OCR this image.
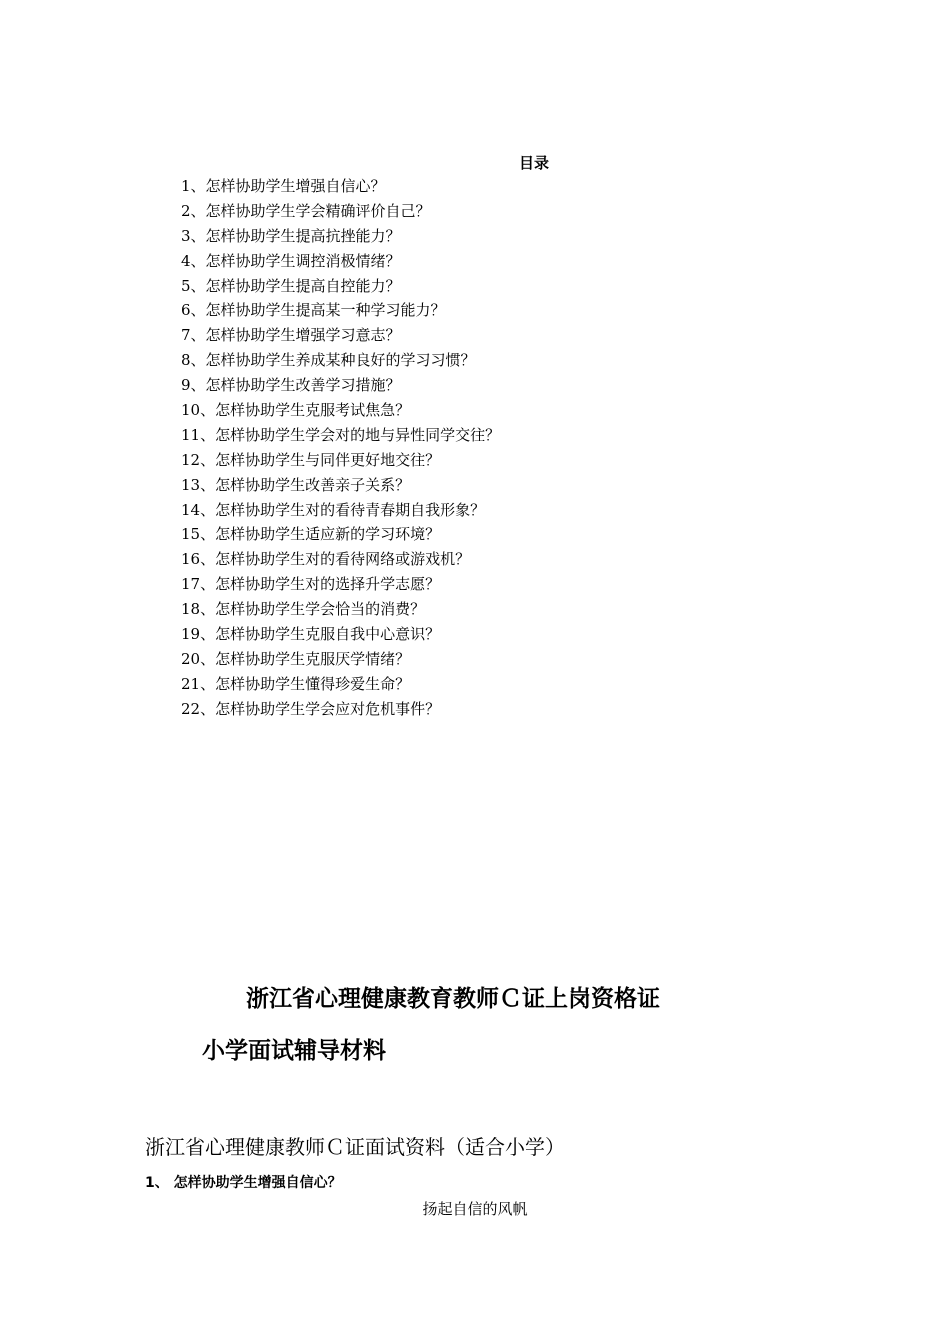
目录
1、怎样协助学生增强自信心？
2、怎样协助学生学会精确评价自己？
3、怎样协助学生提高抗挫能力？
4、怎样协助学生调控消极情绪？
5、怎样协助学生提高自控能力？
6、怎样协助学生提高某一种学习能力？
7、怎样协助学生增强学习意志？
8、怎样协助学生养成某种良好的学习习惯？
9、怎样协助学生改善学习措施？
10、怎样协助学生克服考试焦急？
11、怎样协助学生学会对的地与异性同学交往？
12、怎样协助学生与同伴更好地交往？
13、怎样协助学生改善亲子关系？
14、怎样协助学生对的看待青春期自我形象？
15、怎样协助学生适应新的学习环境？
16、怎样协助学生对的看待网络或游戏机？
17、怎样协助学生对的选择升学志愿？
18、怎样协助学生学会恰当的消费？
19、怎样协助学生克服自我中心意识？
20、怎样协助学生克服厌学情绪？
21、怎样协助学生懂得珍爱生命？
22、怎样协助学生学会应对危机事件？
浙江省心理健康教育教师Ｃ证上岗资格证
小学面试辅导材料
浙江省心理健康教师Ｃ证面试资料（适合小学）
1、 怎样协助学生增强自信心？
扬起自信的风帆
